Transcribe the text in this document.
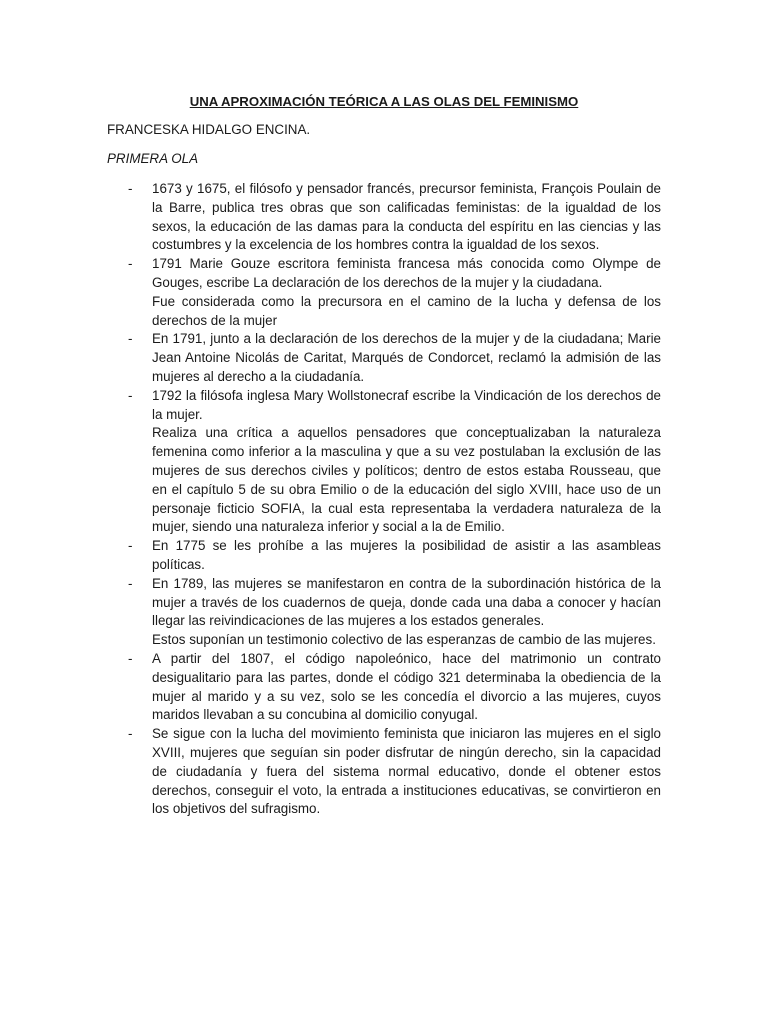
UNA APROXIMACIÓN TEÓRICA A LAS OLAS DEL FEMINISMO
FRANCESKA HIDALGO ENCINA.
PRIMERA OLA
- 1673 y 1675, el filósofo y pensador francés, precursor feminista, François Poulain de la Barre, publica tres obras que son calificadas feministas: de la igualdad de los sexos, la educación de las damas para la conducta del espíritu en las ciencias y las costumbres y la excelencia de los hombres contra la igualdad de los sexos.

- 1791 Marie Gouze escritora feminista francesa más conocida como Olympe de Gouges, escribe La declaración de los derechos de la mujer y la ciudadana.

Fue considerada como la precursora en el camino de la lucha y defensa de los derechos de la mujer

- En 1791, junto a la declaración de los derechos de la mujer y de la ciudadana; Marie Jean Antoine Nicolás de Caritat, Marqués de Condorcet, reclamó la admisión de las mujeres al derecho a la ciudadanía.

- 1792 la filósofa inglesa Mary Wollstonecraf escribe la Vindicación de los derechos de la mujer.

Realiza una crítica a aquellos pensadores que conceptualizaban la naturaleza femenina como inferior a la masculina y que a su vez postulaban la exclusión de las mujeres de sus derechos civiles y políticos; dentro de estos estaba Rousseau, que en el capítulo 5 de su obra Emilio o de la educación del siglo XVIII, hace uso de un personaje ficticio SOFIA, la cual esta representaba la verdadera naturaleza de la mujer, siendo una naturaleza inferior y social a la de Emilio.

- En 1775 se les prohíbe a las mujeres la posibilidad de asistir a las asambleas políticas.

- En 1789, las mujeres se manifestaron en contra de la subordinación histórica de la mujer a través de los cuadernos de queja, donde cada una daba a conocer y hacían llegar las reivindicaciones de las mujeres a los estados generales.

Estos suponían un testimonio colectivo de las esperanzas de cambio de las mujeres.

- A partir del 1807, el código napoleónico, hace del matrimonio un contrato desigualitario para las partes, donde el código 321 determinaba la obediencia de la mujer al marido y a su vez, solo se les concedía el divorcio a las mujeres, cuyos maridos llevaban a su concubina al domicilio conyugal.

- Se sigue con la lucha del movimiento feminista que iniciaron las mujeres en el siglo XVIII, mujeres que seguían sin poder disfrutar de ningún derecho, sin la capacidad de ciudadanía y fuera del sistema normal educativo, donde el obtener estos derechos, conseguir el voto, la entrada a instituciones educativas, se convirtieron en los objetivos del sufragismo.
